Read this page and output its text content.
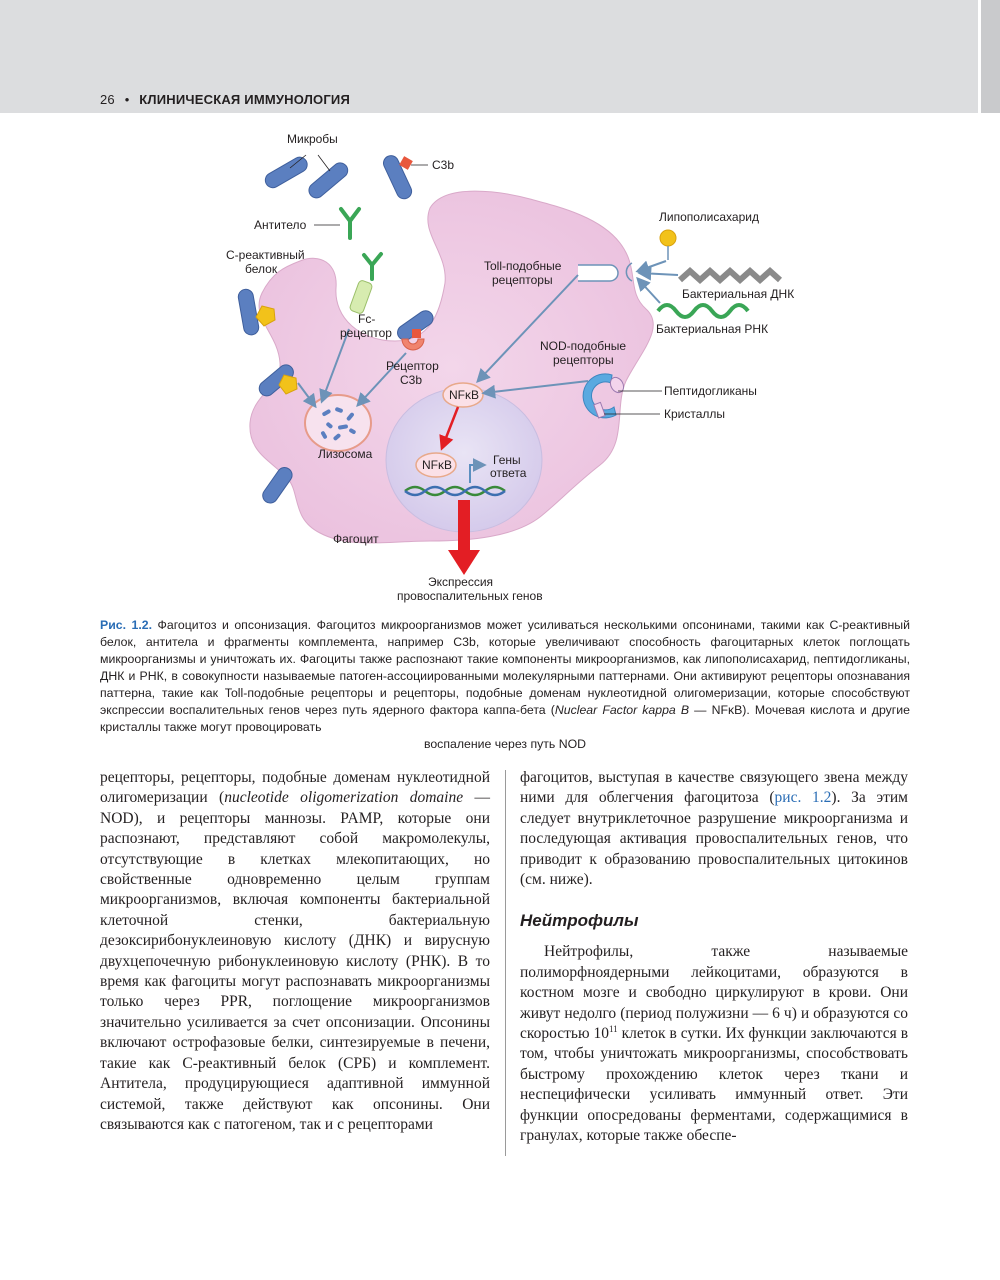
26 • КЛИНИЧЕСКАЯ ИММУНОЛОГИЯ
Микробы
C3b
Антитело
С-реактивный
белок
Fc-
рецептор
Рецептор
C3b
Лизосома
Фагоцит
Toll-подобные
рецепторы
NOD-подобные
рецепторы
NFκB
NFκB	Гены
ответа
Липополисахарид
Бактериальная ДНК
Бактериальная РНК
Пептидогликаны
Кристаллы
Экспрессия
провоспалительных генов
Рис. 1.2. Фагоцитоз и опсонизация. Фагоцитоз микроорганизмов может усиливаться несколькими опсонинами, такими как С-реактивный белок, антитела и фрагменты комплемента, например C3b, которые увеличивают способность фагоцитарных клеток поглощать микроорганизмы и уничтожать их. Фагоциты также распознают такие компоненты микроорганизмов, как липополисахарид, пептидогликаны, ДНК и РНК, в совокупности называемые патоген-ассоциированными молекулярными паттернами. Они активируют рецепторы опознавания паттерна, такие как Toll-подобные рецепторы и рецепторы, подобные доменам нуклеотидной олигомеризации, которые способствуют экспрессии воспалительных генов через путь ядерного фактора каппа-бета (Nuclear Factor kappa B — NFκB). Мочевая кислота и другие кристаллы также могут провоцировать
воспаление через путь NOD

рецепторы, рецепторы, подобные доменам нуклеотидной олигомеризации (nucleotide oligomerization domaine — NOD), и рецепторы маннозы. PAMP, которые они распознают, представляют собой макромолекулы, отсутствующие в клетках млекопитающих, но свойственные одновременно целым группам микроорганизмов, включая компоненты бактериальной клеточной стенки, бактериальную дезоксирибонуклеиновую кислоту (ДНК) и вирусную двухцепочечную рибонуклеиновую кислоту (РНК). В то время как фагоциты могут распознавать микроорганизмы только через PPR, поглощение микроорганизмов значительно усиливается за счет опсонизации. Опсонины включают острофазовые белки, синтезируемые в печени, такие как С-реактивный белок (СРБ) и комплемент. Антитела, продуцирующиеся адаптивной иммунной системой, также действуют как опсонины. Они связываются как с патогеном, так и с рецепторами

фагоцитов, выступая в качестве связующего звена между ними для облегчения фагоцитоза (рис. 1.2). За этим следует внутриклеточное разрушение микроорганизма и последующая активация провоспалительных генов, что приводит к образованию провоспалительных цитокинов (см. ниже).

Нейтрофилы

Нейтрофилы, также называемые полиморфноядерными лейкоцитами, образуются в костном мозге и свободно циркулируют в крови. Они живут недолго (период полужизни — 6 ч) и образуются со скоростью $10^{11}$ клеток в сутки. Их функции заключаются в том, чтобы уничтожать микроорганизмы, способствовать быстрому прохождению клеток через ткани и неспецифически усиливать иммунный ответ. Эти функции опосредованы ферментами, содержащимися в гранулах, которые также обеспе-
